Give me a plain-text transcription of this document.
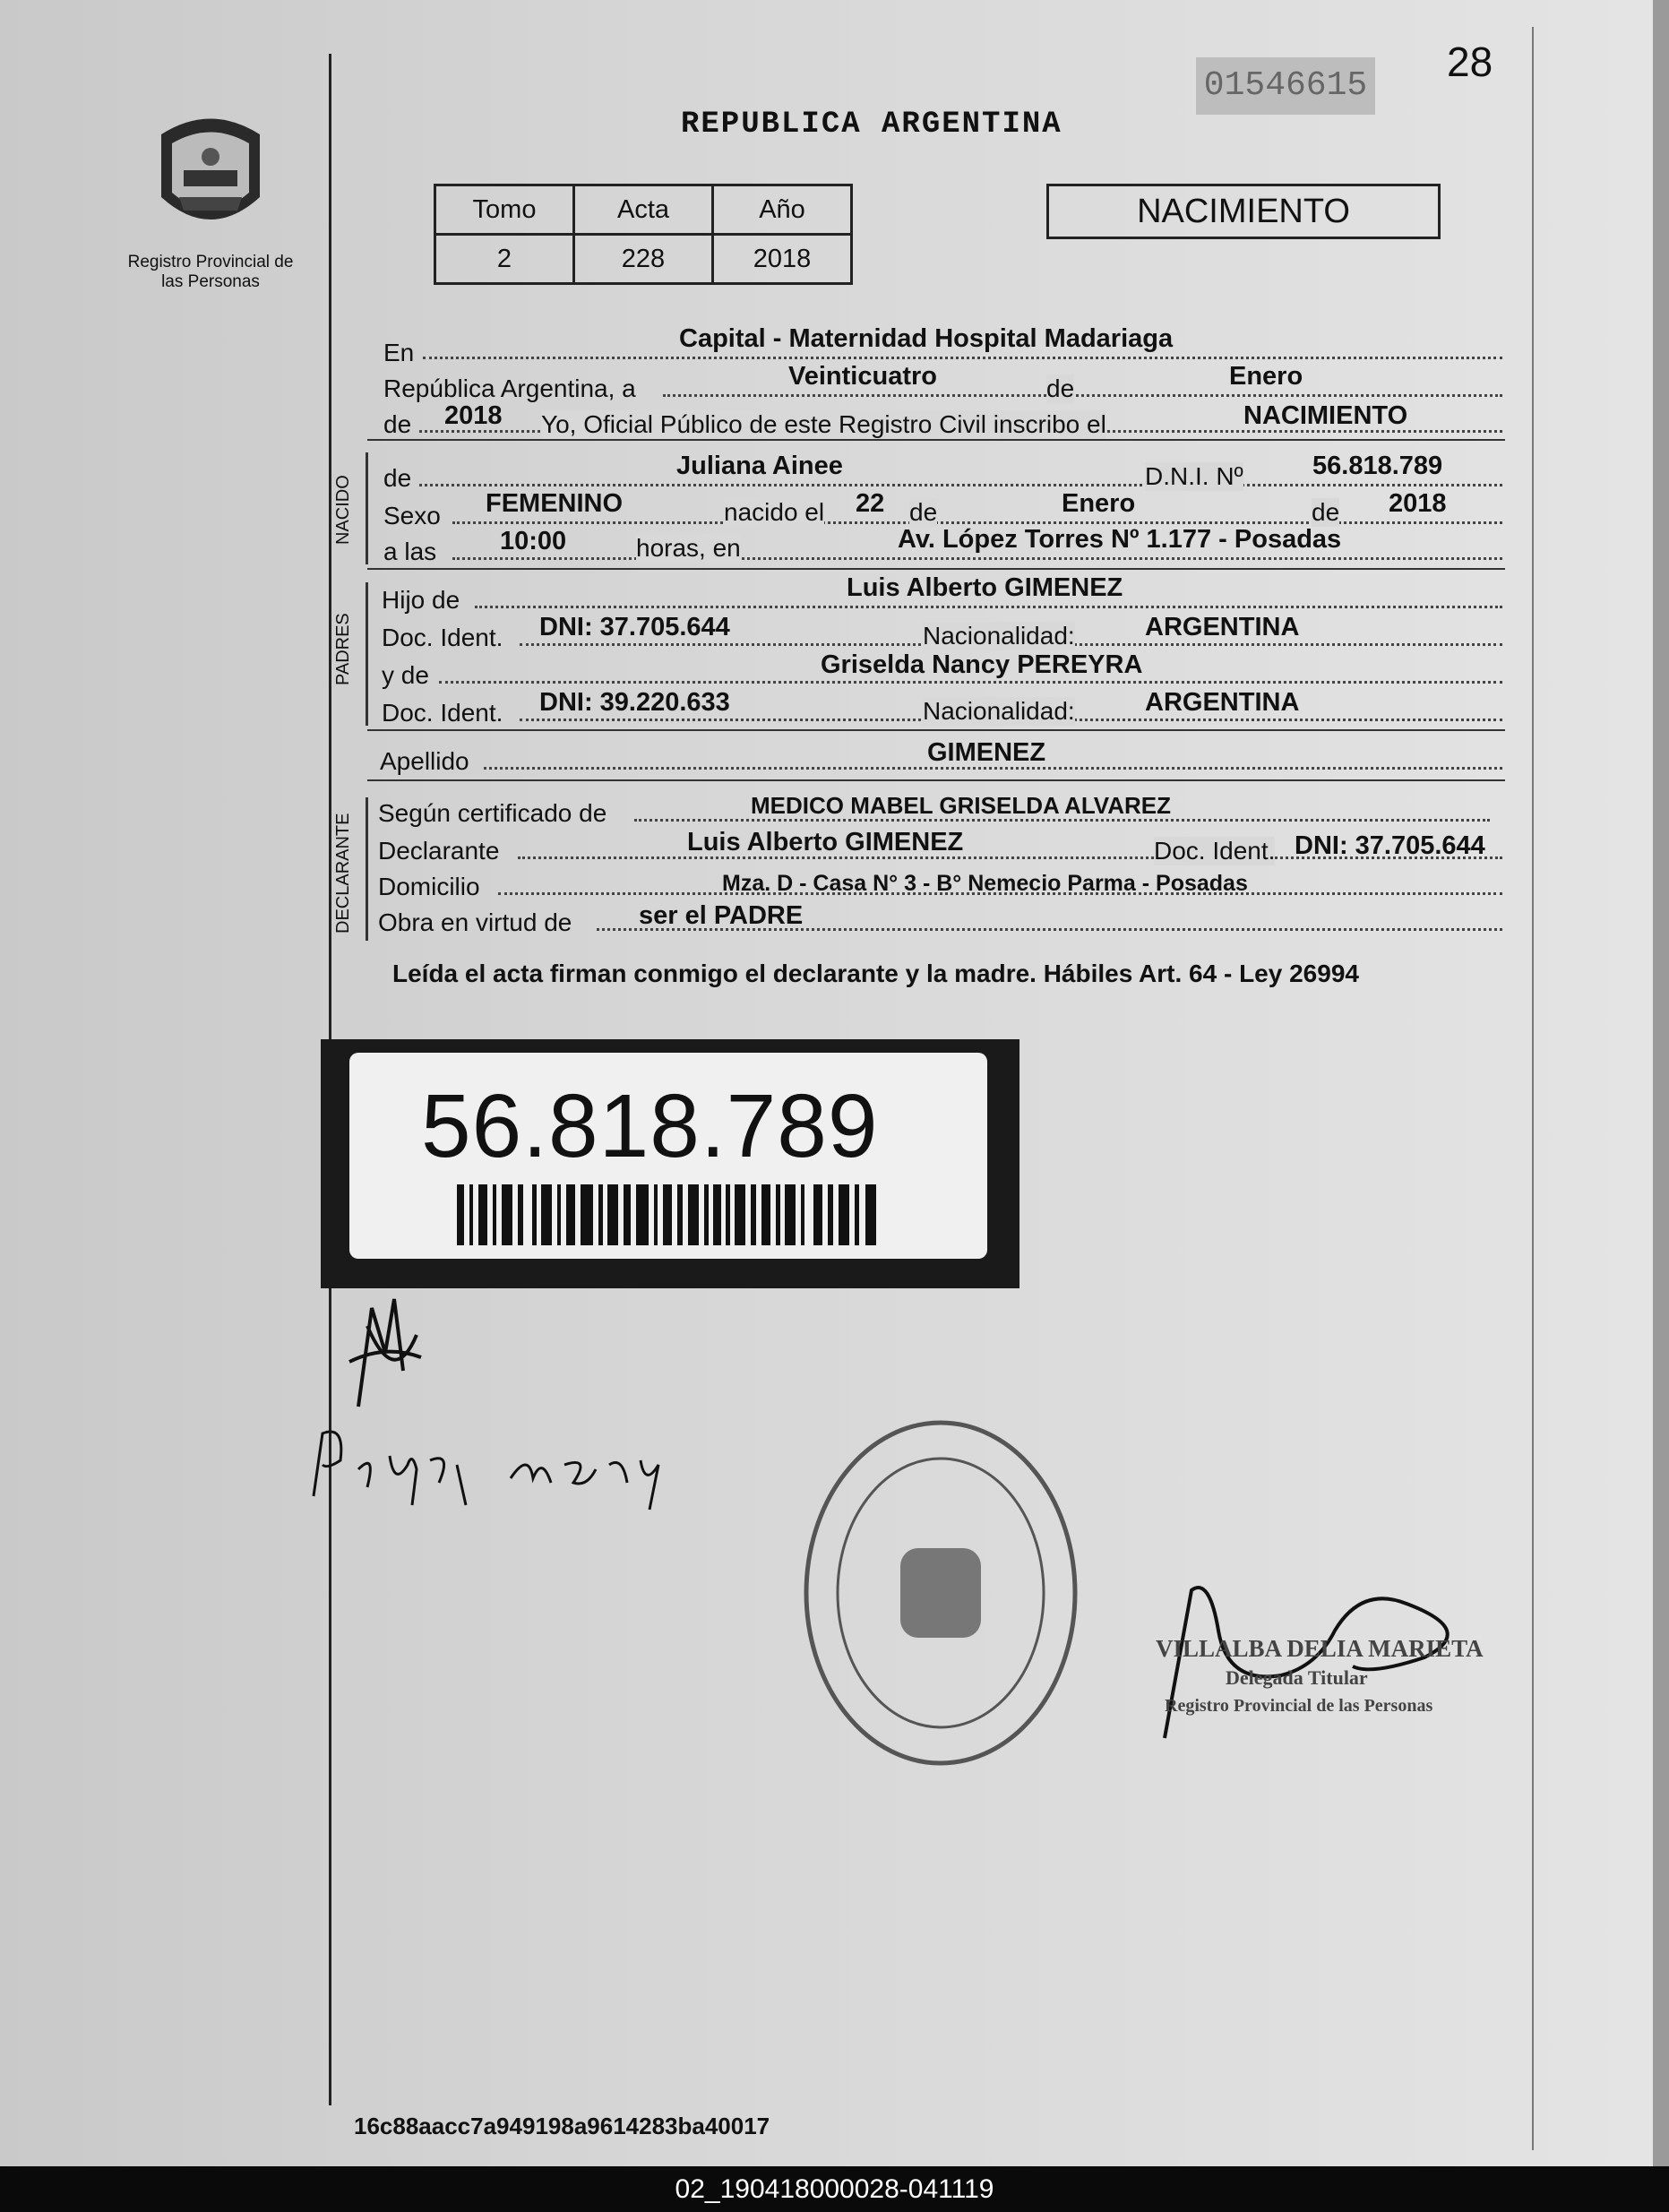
Registro Provincial de las Personas
01546615
28
REPUBLICA ARGENTINA
Tomo	Acta	Año
2	228	2018
NACIMIENTO
En	Capital - Maternidad Hospital Madariaga
República Argentina, a	Veinticuatro	de	Enero
de 2018 Yo, Oficial Público de este Registro Civil inscribo el	NACIMIENTO
NACIDO de	Juliana Ainee	D.N.I. Nº	56.818.789
Sexo FEMENINO	nacido el 22 de	Enero	de 2018
a las 10:00	horas, en	Av. López Torres Nº 1.177 - Posadas
PADRES
Hijo de	Luis Alberto GIMENEZ
Doc. Ident. DNI: 37.705.644	Nacionalidad:	ARGENTINA
y de	Griselda Nancy PEREYRA
Doc. Ident. DNI: 39.220.633	Nacionalidad:	ARGENTINA
Apellido	GIMENEZ
DECLARANTE
Según certificado de	MEDICO MABEL GRISELDA ALVAREZ
Declarante	Luis Alberto GIMENEZ	Doc. Ident. DNI: 37.705.644
Domicilio	Mza. D - Casa N° 3 - B° Nemecio Parma - Posadas
Obra en virtud de	ser el PADRE
Leída el acta firman conmigo el declarante y la madre. Hábiles Art. 64 - Ley 26994
56.818.789
VILLALBA DELIA MARIETA
Delegada Titular
Registro Provincial de las Personas
16c88aacc7a949198a9614283ba40017
02_190418000028-041119
